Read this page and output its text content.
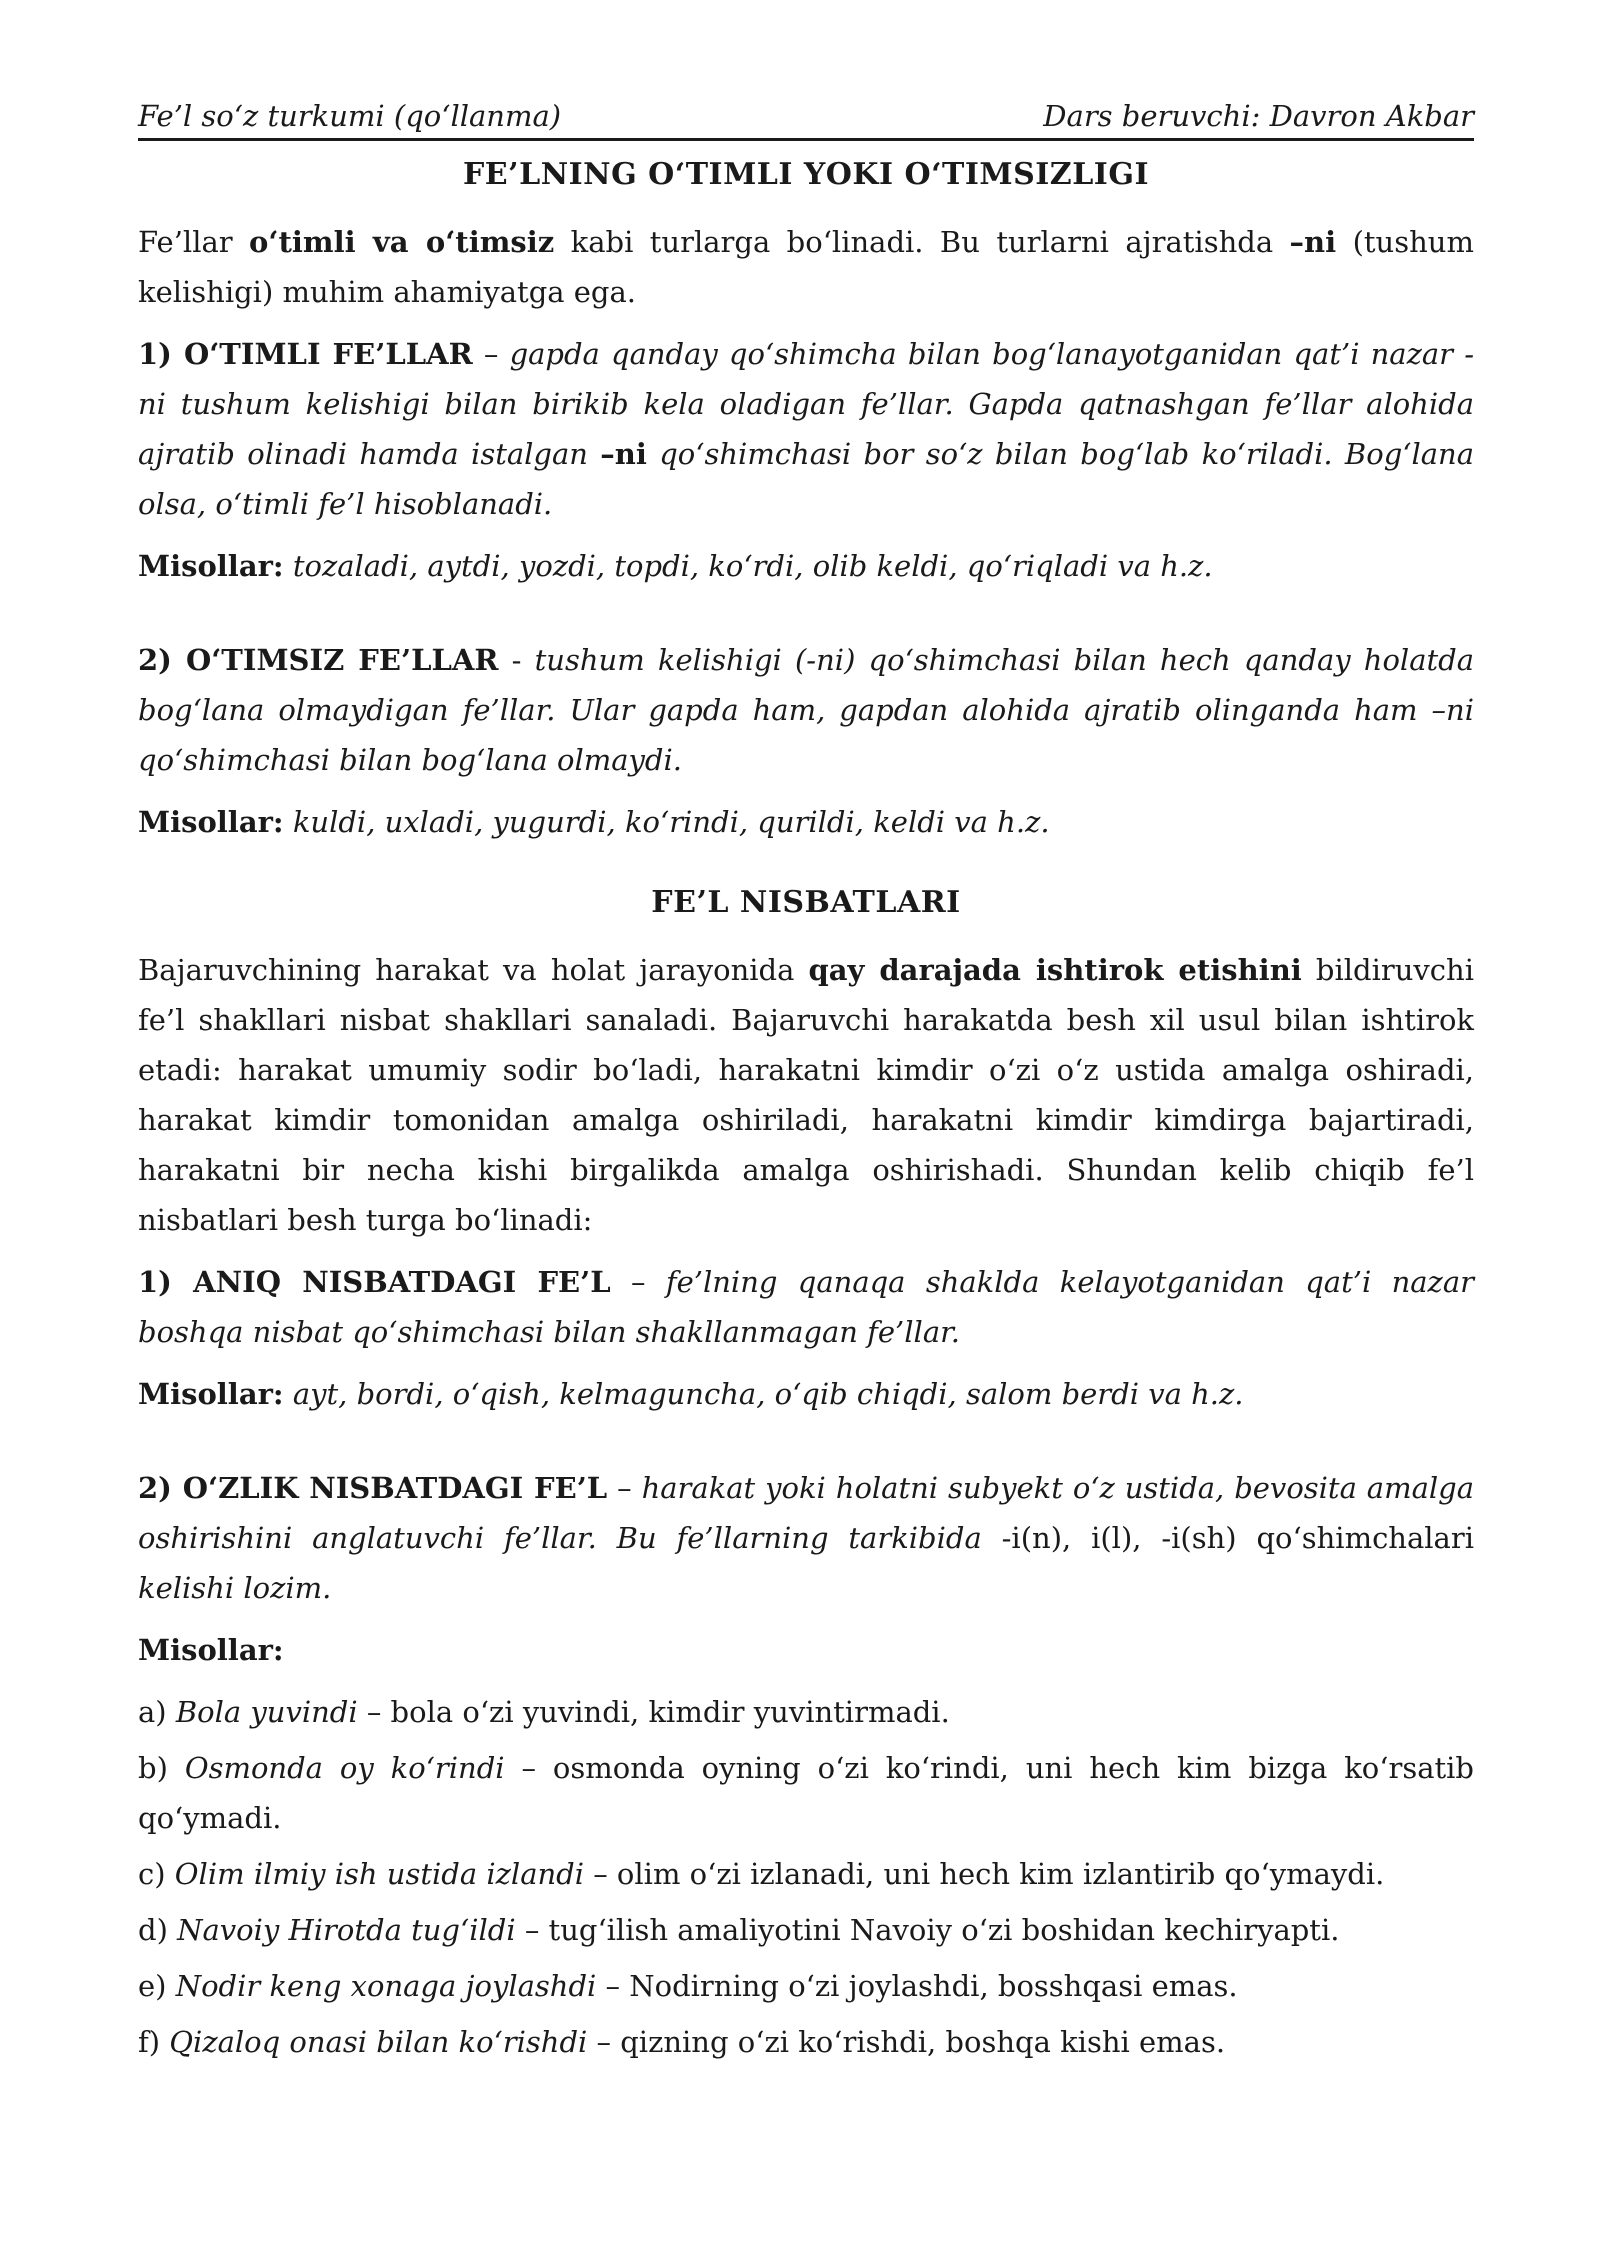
Fe’l so‘z turkumi (qo‘llanma)	Dars beruvchi: Davron Akbar
FE’LNING O‘TIMLI YOKI O‘TIMSIZLIGI

Fe’llar o‘timli va o‘timsiz kabi turlarga bo‘linadi. Bu turlarni ajratishda –ni (tushum kelishigi) muhim ahamiyatga ega.

1) O‘TIMLI FE’LLAR – gapda qanday qo‘shimcha bilan bog‘lanayotganidan qat’i nazar -ni tushum kelishigi bilan birikib kela oladigan fe’llar. Gapda qatnashgan fe’llar alohida ajratib olinadi hamda istalgan –ni qo‘shimchasi bor so‘z bilan bog‘lab ko‘riladi. Bog‘lana olsa, o‘timli fe’l hisoblanadi.

Misollar: tozaladi, aytdi, yozdi, topdi, ko‘rdi, olib keldi, qo‘riqladi va h.z.

2) O‘TIMSIZ FE’LLAR - tushum kelishigi (-ni) qo‘shimchasi bilan hech qanday holatda bog‘lana olmaydigan fe’llar. Ular gapda ham, gapdan alohida ajratib olinganda ham –ni qo‘shimchasi bilan bog‘lana olmaydi.

Misollar: kuldi, uxladi, yugurdi, ko‘rindi, qurildi, keldi va h.z.

FE’L NISBATLARI

Bajaruvchining harakat va holat jarayonida qay darajada ishtirok etishini bildiruvchi fe’l shakllari nisbat shakllari sanaladi. Bajaruvchi harakatda besh xil usul bilan ishtirok etadi: harakat umumiy sodir bo‘ladi, harakatni kimdir o‘zi o‘z ustida amalga oshiradi, harakat kimdir tomonidan amalga oshiriladi, harakatni kimdir kimdirga bajartiradi, harakatni bir necha kishi birgalikda amalga oshirishadi. Shundan kelib chiqib fe’l nisbatlari besh turga bo‘linadi:

1) ANIQ NISBATDAGI FE’L – fe’lning qanaqa shaklda kelayotganidan qat’i nazar boshqa nisbat qo‘shimchasi bilan shakllanmagan fe’llar.

Misollar: ayt, bordi, o‘qish, kelmaguncha, o‘qib chiqdi, salom berdi va h.z.

2) O‘ZLIK NISBATDAGI FE’L – harakat yoki holatni subyekt o‘z ustida, bevosita amalga oshirishini anglatuvchi fe’llar. Bu fe’llarning tarkibida -i(n), i(l), -i(sh) qo‘shimchalari kelishi lozim.

Misollar:

a) Bola yuvindi – bola o‘zi yuvindi, kimdir yuvintirmadi.

b) Osmonda oy ko‘rindi – osmonda oyning o‘zi ko‘rindi, uni hech kim bizga ko‘rsatib qo‘ymadi.

c) Olim ilmiy ish ustida izlandi – olim o‘zi izlanadi, uni hech kim izlantirib qo‘ymaydi.

d) Navoiy Hirotda tug‘ildi – tug‘ilish amaliyotini Navoiy o‘zi boshidan kechiryapti.

e) Nodir keng xonaga joylashdi – Nodirning o‘zi joylashdi, bosshqasi emas.

f) Qizaloq onasi bilan ko‘rishdi – qizning o‘zi ko‘rishdi, boshqa kishi emas.
